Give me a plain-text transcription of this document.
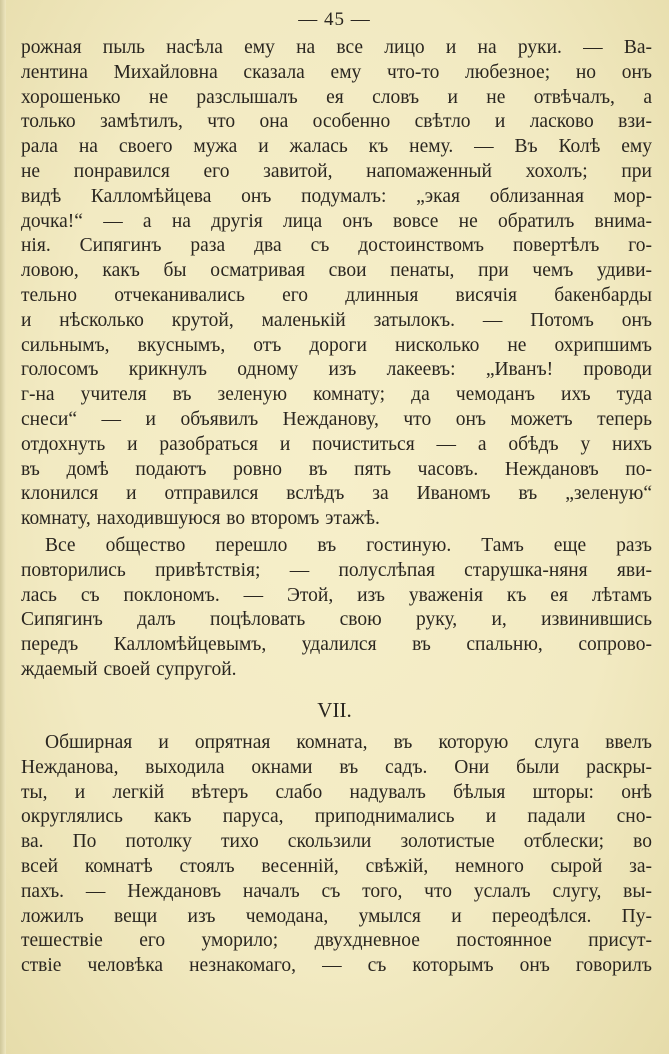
— 45 —
рожная пыль насѣла ему на все лицо и на руки. — Ва-
лентина Михайловна сказала ему что-то любезное; но онъ
хорошенько не разслышалъ ея словъ и не отвѣчалъ, а
только замѣтилъ, что она особенно свѣтло и ласково взи-
рала на своего мужа и жалась къ нему. — Въ Колѣ ему
не понравился его завитой, напомаженный хохолъ; при
видѣ Калломѣйцева онъ подумалъ: „экая облизанная мор-
дочка!“ — а на другія лица онъ вовсе не обратилъ внима-
нія. Сипягинъ раза два съ достоинствомъ повертѣлъ го-
ловою, какъ бы осматривая свои пенаты, при чемъ удиви-
тельно отчеканивались его длинныя висячія бакенбарды
и нѣсколько крутой, маленькій затылокъ. — Потомъ онъ
сильнымъ, вкуснымъ, отъ дороги нисколько не охрипшимъ
голосомъ крикнулъ одному изъ лакеевъ: „Иванъ! проводи
г-на учителя въ зеленую комнату; да чемоданъ ихъ туда
снеси“ — и объявилъ Нежданову, что онъ можетъ теперь
отдохнуть и разобраться и почиститься — а обѣдъ у нихъ
въ домѣ подаютъ ровно въ пять часовъ. Неждановъ по-
клонился и отправился вслѣдъ за Иваномъ въ „зеленую“
комнату, находившуюся во второмъ этажѣ.
Все общество перешло въ гостиную. Тамъ еще разъ
повторились привѣтствія; — полуслѣпая старушка-няня яви-
лась съ поклономъ. — Этой, изъ уваженія къ ея лѣтамъ
Сипягинъ далъ поцѣловать свою руку, и, извинившись
передъ Калломѣйцевымъ, удалился въ спальню, сопрово-
ждаемый своей супругой.
VII.
Обширная и опрятная комната, въ которую слуга ввелъ
Нежданова, выходила окнами въ садъ. Они были раскры-
ты, и легкій вѣтеръ слабо надувалъ бѣлыя шторы: онѣ
округлялись какъ паруса, приподнимались и падали сно-
ва. По потолку тихо скользили золотистые отблески; во
всей комнатѣ стоялъ весенній, свѣжій, немного сырой за-
пахъ. — Неждановъ началъ съ того, что услалъ слугу, вы-
ложилъ вещи изъ чемодана, умылся и переодѣлся. Пу-
тешествіе его уморило; двухдневное постоянное присут-
ствіе человѣка незнакомаго, — съ которымъ онъ говорилъ
